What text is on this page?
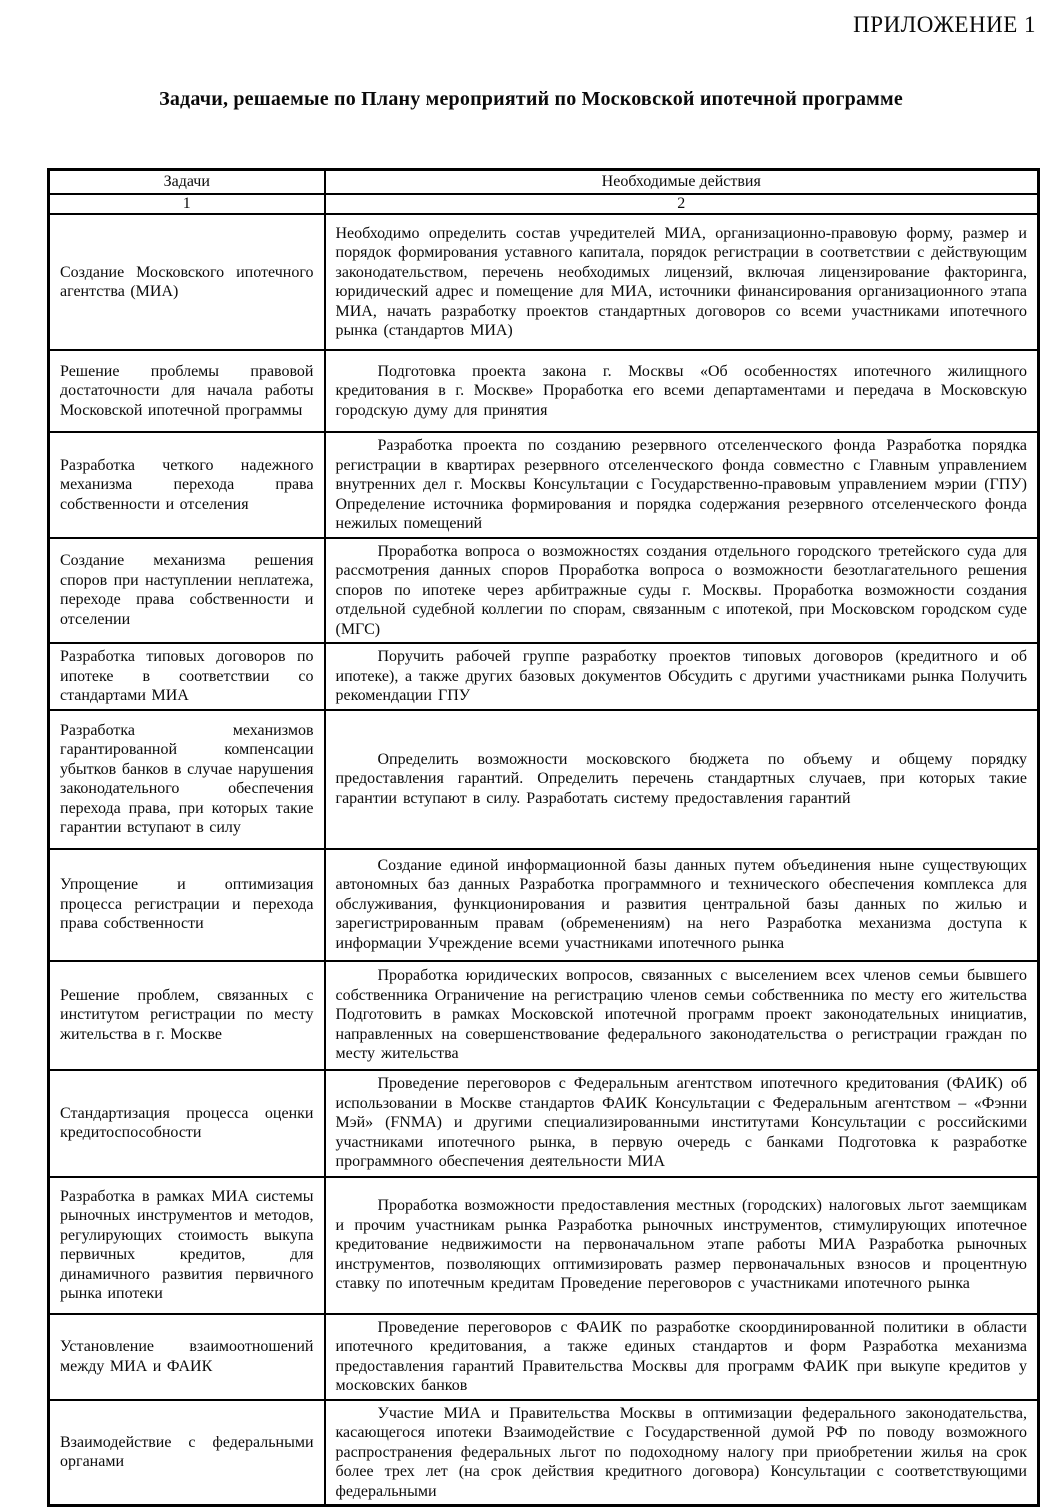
ПРИЛОЖЕНИЕ 1
Задачи, решаемые по Плану мероприятий по Московской ипотечной программе
Задачи	Необходимые действия
1	2
Создание Московского ипотечного агентства (МИА)	Необходимо определить состав учредителей МИА, организационно-правовую форму, размер и порядок формирования уставного капитала, порядок регистрации в соответствии с действующим законодательством, перечень необходимых лицензий, включая лицензирование факторинга, юридический адрес и помещение для МИА, источники финансирования организационного этапа МИА, начать разработку проектов стандартных договоров со всеми участниками ипотечного рынка (стандартов МИА)
Решение проблемы правовой достаточности для начала работы Московской ипотечной программы	Подготовка проекта закона г. Москвы «Об особенностях ипотечного жилищного кредитования в г. Москве» Проработка его всеми департаментами и передача в Московскую городскую думу для принятия
Разработка четкого надежного механизма перехода права собственности и отселения	Разработка проекта по созданию резервного отселенческого фонда Разработка порядка регистрации в квартирах резервного отселенческого фонда совместно с Главным управлением внутренних дел г. Москвы Консультации с Государственно-правовым управлением мэрии (ГПУ) Определение источника формирования и порядка содержания резервного отселенческого фонда нежилых помещений
Создание механизма решения споров при наступлении неплатежа, переходе права собственности и отселении	Проработка вопроса о возможностях создания отдельного городского третейского суда для рассмотрения данных споров Проработка вопроса о возможности безотлагательного решения споров по ипотеке через арбитражные суды г. Москвы. Проработка возможности создания отдельной судебной коллегии по спорам, связанным с ипотекой, при Московском городском суде (МГС)
Разработка типовых договоров по ипотеке в соответствии со стандартами МИА	Поручить рабочей группе разработку проектов типовых договоров (кредитного и об ипотеке), а также других базовых документов Обсудить с другими участниками рынка Получить рекомендации ГПУ
Разработка механизмов гарантированной компенсации убытков банков в случае нарушения законодательного обеспечения перехода права, при которых такие гарантии вступают в силу	Определить возможности московского бюджета по объему и общему порядку предоставления гарантий. Определить перечень стандартных случаев, при которых такие гарантии вступают в силу. Разработать систему предоставления гарантий
Упрощение и оптимизация процесса регистрации и перехода права собственности	Создание единой информационной базы данных путем объединения ныне существующих автономных баз данных Разработка программного и технического обеспечения комплекса для обслуживания, функционирования и развития центральной базы данных по жилью и зарегистрированным правам (обременениям) на него Разработка механизма доступа к информации Учреждение всеми участниками ипотечного рынка
Решение проблем, связанных с институтом регистрации по месту жительства в г. Москве	Проработка юридических вопросов, связанных с выселением всех членов семьи бывшего собственника Ограничение на регистрацию членов семьи собственника по месту его жительства Подготовить в рамках Московской ипотечной программ проект законодательных инициатив, направленных на совершенствование федерального законодательства о регистрации граждан по месту жительства
Стандартизация процесса оценки кредитоспособности	Проведение переговоров с Федеральным агентством ипотечного кредитования (ФАИК) об использовании в Москве стандартов ФАИК Консультации с Федеральным агентством – «Фэнни Мэй» (FNMA) и другими специализированными институтами Консультации с российскими участниками ипотечного рынка, в первую очередь с банками Подготовка к разработке программного обеспечения деятельности МИА
Разработка в рамках МИА системы рыночных инструментов и методов, регулирующих стоимость выкупа первичных кредитов, для динамичного развития первичного рынка ипотеки	Проработка возможности предоставления местных (городских) налоговых льгот заемщикам и прочим участникам рынка Разработка рыночных инструментов, стимулирующих ипотечное кредитование недвижимости на первоначальном этапе работы МИА Разработка рыночных инструментов, позволяющих оптимизировать размер первоначальных взносов и процентную ставку по ипотечным кредитам Проведение переговоров с участниками ипотечного рынка
Установление взаимоотношений между МИА и ФАИК	Проведение переговоров с ФАИК по разработке скоординированной политики в области ипотечного кредитования, а также единых стандартов и форм Разработка механизма предоставления гарантий Правительства Москвы для программ ФАИК при выкупе кредитов у московских банков
Взаимодействие с федеральными органами	Участие МИА и Правительства Москвы в оптимизации федерального законодательства, касающегося ипотеки Взаимодействие с Государственной думой РФ по поводу возможного распространения федеральных льгот по подоходному налогу при приобретении жилья на срок более трех лет (на срок действия кредитного договора) Консультации с соответствующими федеральными
